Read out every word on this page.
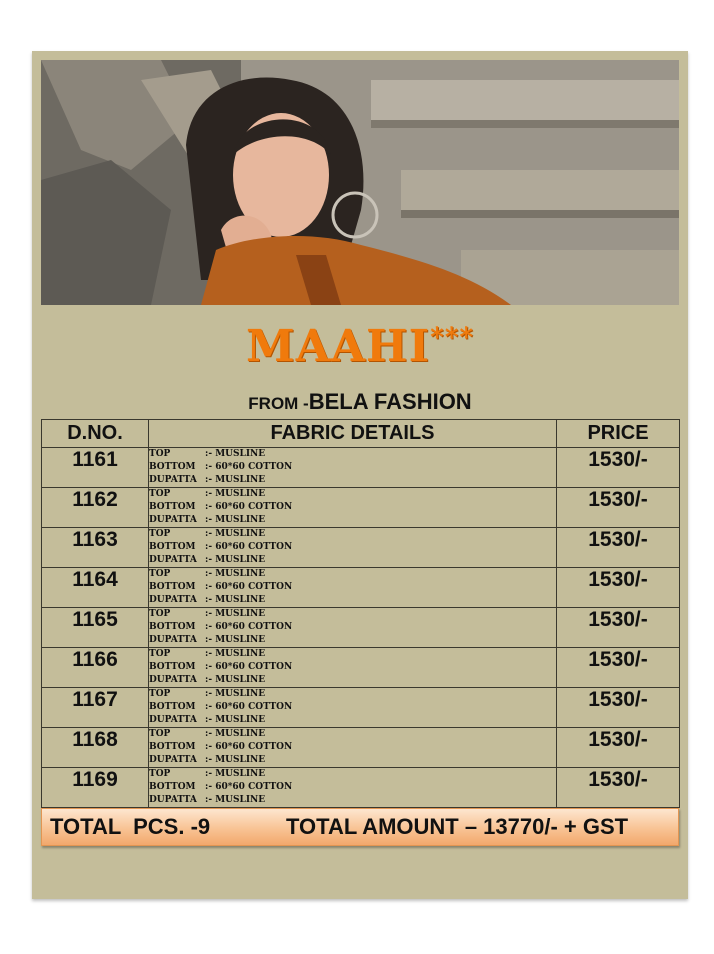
MAAHI***
FROM -BELA FASHION
D.NO.	FABRIC DETAILS	PRICE
1161	TOP :- MUSLINE
BOTTOM :- 60*60 COTTON
DUPATTA :- MUSLINE	1530/-
1162	TOP :- MUSLINE
BOTTOM :- 60*60 COTTON
DUPATTA :- MUSLINE	1530/-
1163	TOP :- MUSLINE
BOTTOM :- 60*60 COTTON
DUPATTA :- MUSLINE	1530/-
1164	TOP :- MUSLINE
BOTTOM :- 60*60 COTTON
DUPATTA :- MUSLINE	1530/-
1165	TOP :- MUSLINE
BOTTOM :- 60*60 COTTON
DUPATTA :- MUSLINE	1530/-
1166	TOP :- MUSLINE
BOTTOM :- 60*60 COTTON
DUPATTA :- MUSLINE	1530/-
1167	TOP :- MUSLINE
BOTTOM :- 60*60 COTTON
DUPATTA :- MUSLINE	1530/-
1168	TOP :- MUSLINE
BOTTOM :- 60*60 COTTON
DUPATTA :- MUSLINE	1530/-
1169	TOP :- MUSLINE
BOTTOM :- 60*60 COTTON
DUPATTA :- MUSLINE	1530/-
TOTAL  PCS. -9	TOTAL AMOUNT – 13770/- + GST
